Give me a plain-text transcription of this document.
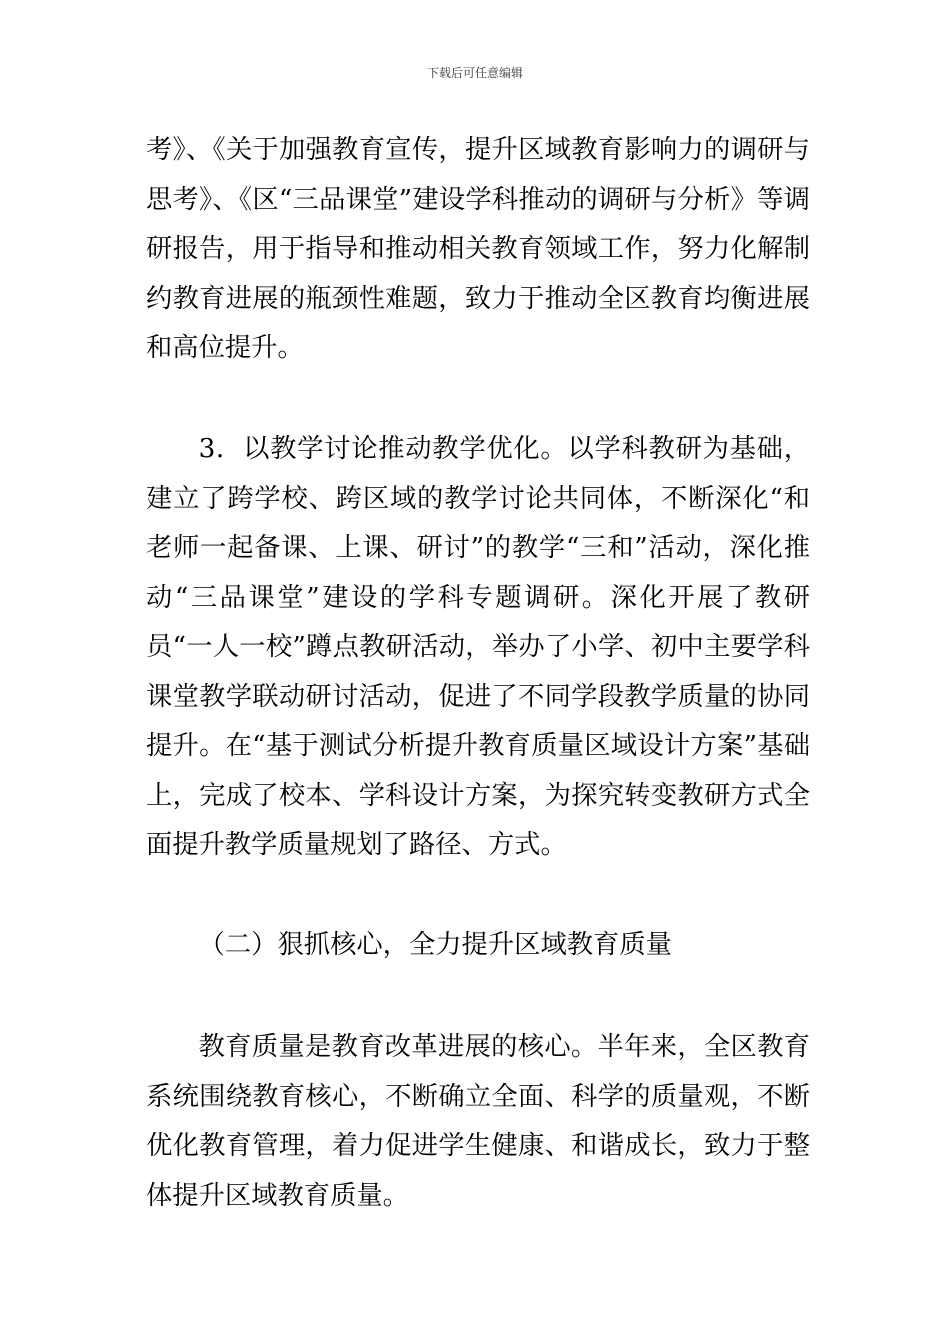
下载后可任意编辑

考》、《关于加强教育宣传，提升区域教育影响力的调研与思考》、《区“三品课堂”建设学科推动的调研与分析》等调研报告，用于指导和推动相关教育领域工作，努力化解制约教育进展的瓶颈性难题，致力于推动全区教育均衡进展和高位提升。

3．以教学讨论推动教学优化。以学科教研为基础，建立了跨学校、跨区域的教学讨论共同体，不断深化“和老师一起备课、上课、研讨”的教学“三和”活动，深化推动“三品课堂”建设的学科专题调研。深化开展了教研员“一人一校”蹲点教研活动，举办了小学、初中主要学科课堂教学联动研讨活动，促进了不同学段教学质量的协同提升。在“基于测试分析提升教育质量区域设计方案”基础上，完成了校本、学科设计方案，为探究转变教研方式全面提升教学质量规划了路径、方式。

（二）狠抓核心，全力提升区域教育质量

教育质量是教育改革进展的核心。半年来，全区教育系统围绕教育核心，不断确立全面、科学的质量观，不断优化教育管理，着力促进学生健康、和谐成长，致力于整体提升区域教育质量。
